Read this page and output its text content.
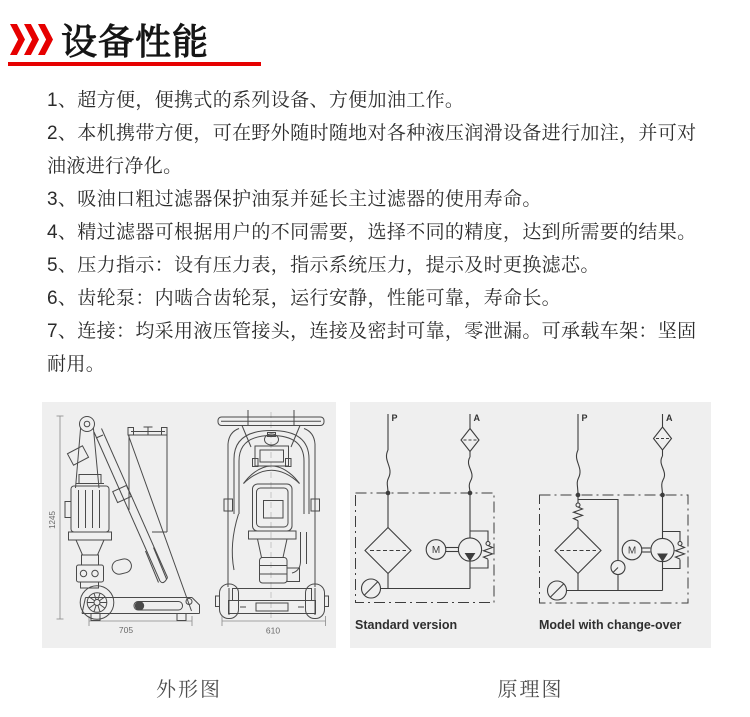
设备性能
1、超方便，便携式的系列设备、方便加油工作。
2、本机携带方便，可在野外随时随地对各种液压润滑设备进行加注，并可对
油液进行净化。
3、吸油口粗过滤器保护油泵并延长主过滤器的使用寿命。
4、精过滤器可根据用户的不同需要，选择不同的精度，达到所需要的结果。
5、压力指示：设有压力表，指示系统压力，提示及时更换滤芯。
6、齿轮泵：内啮合齿轮泵，运行安静，性能可靠，寿命长。
7、连接：均采用液压管接头，连接及密封可靠，零泄漏。可承载车架：坚固
耐用。
1245
705	610
P	A
M
Standard version
P	A
M
Model with change-over
外形图	原理图
